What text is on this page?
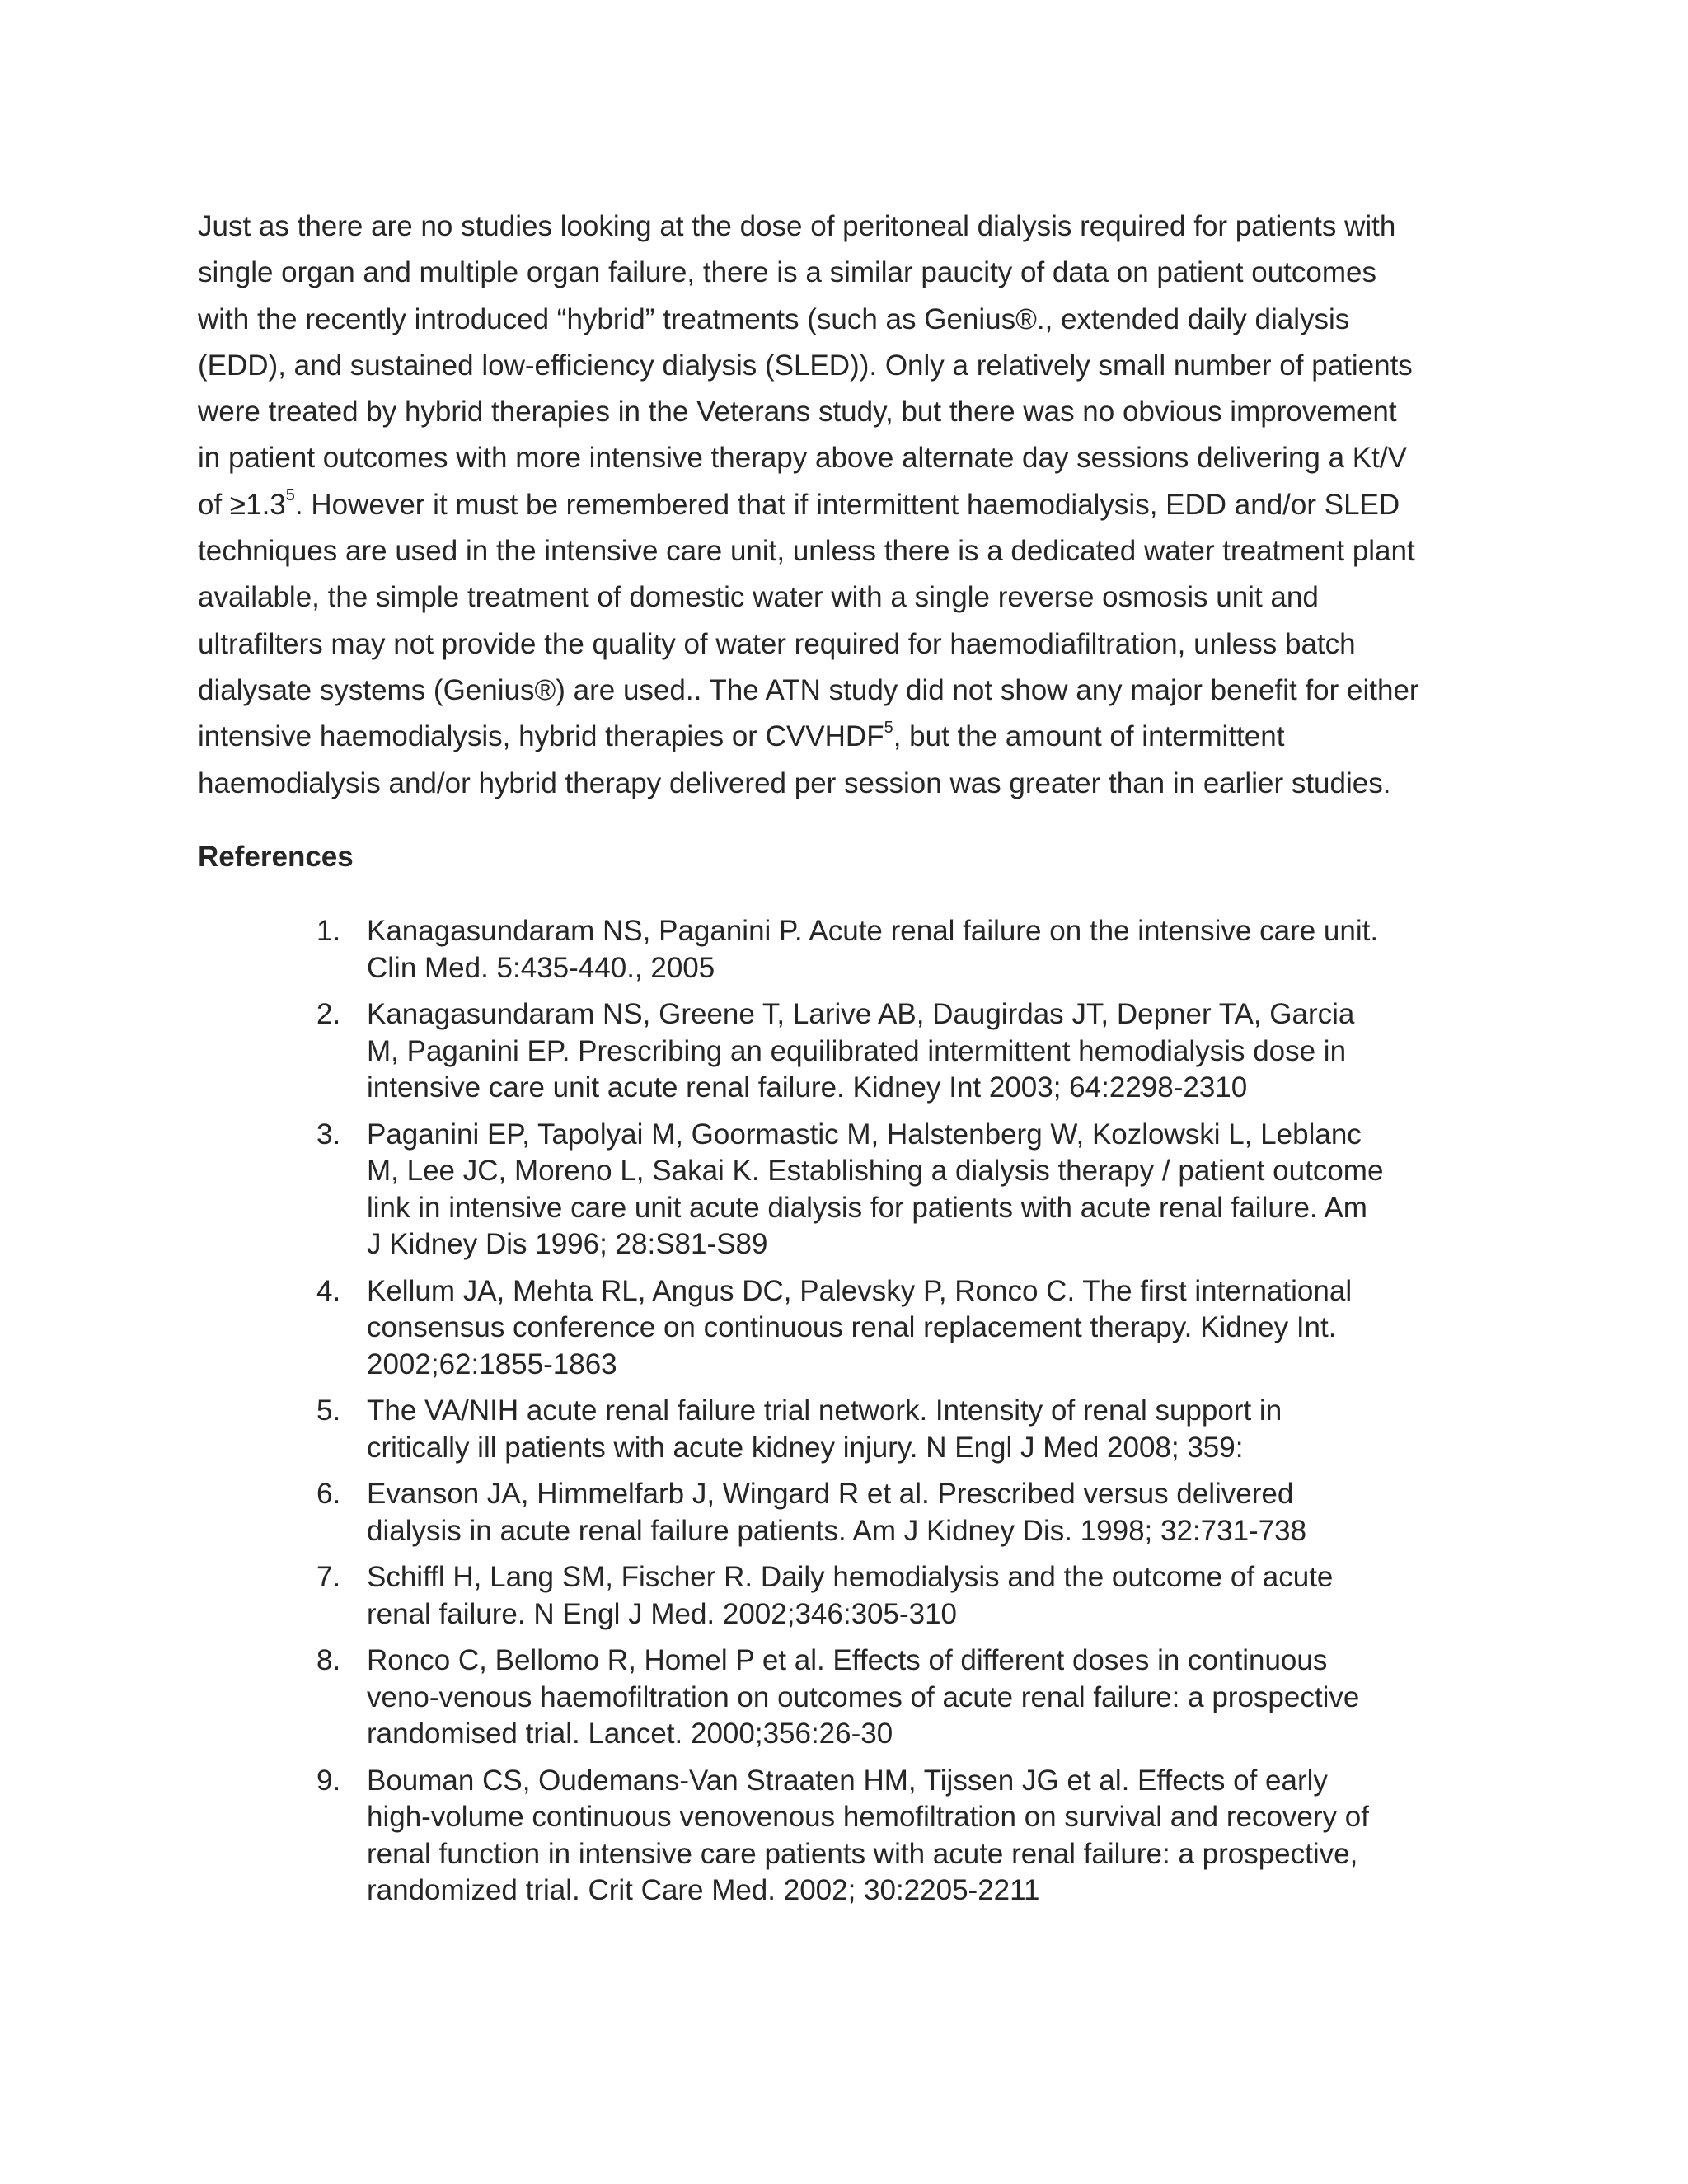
Just as there are no studies looking at the dose of peritoneal dialysis required for patients with
single organ and multiple organ failure, there is a similar paucity of data on patient outcomes
with the recently introduced “hybrid” treatments (such as Genius®., extended daily dialysis
(EDD), and sustained low-efficiency dialysis (SLED)). Only a relatively small number of patients
were treated by hybrid therapies in the Veterans study, but there was no obvious improvement
in patient outcomes with more intensive therapy above alternate day sessions delivering a Kt/V
of $\ge 1.3^5$. However it must be remembered that if intermittent haemodialysis, EDD and/or SLED
techniques are used in the intensive care unit, unless there is a dedicated water treatment plant
available, the simple treatment of domestic water with a single reverse osmosis unit and
ultrafilters may not provide the quality of water required for haemodiafiltration, unless batch
dialysate systems (Genius®) are used.. The ATN study did not show any major benefit for either
intensive haemodialysis, hybrid therapies or CVVHDF$^5$, but the amount of intermittent
haemodialysis and/or hybrid therapy delivered per session was greater than in earlier studies.

References
1. Kanagasundaram NS, Paganini P. Acute renal failure on the intensive care unit.
Clin Med. 5:435-440., 2005
2. Kanagasundaram NS, Greene T, Larive AB, Daugirdas JT, Depner TA, Garcia
M, Paganini EP. Prescribing an equilibrated intermittent hemodialysis dose in
intensive care unit acute renal failure. Kidney Int 2003; 64:2298-2310
3. Paganini EP, Tapolyai M, Goormastic M, Halstenberg W, Kozlowski L, Leblanc
M, Lee JC, Moreno L, Sakai K. Establishing a dialysis therapy / patient outcome
link in intensive care unit acute dialysis for patients with acute renal failure. Am
J Kidney Dis 1996; 28:S81-S89
4. Kellum JA, Mehta RL, Angus DC, Palevsky P, Ronco C. The first international
consensus conference on continuous renal replacement therapy. Kidney Int.
2002;62:1855-1863
5. The VA/NIH acute renal failure trial network. Intensity of renal support in
critically ill patients with acute kidney injury. N Engl J Med 2008; 359:
6. Evanson JA, Himmelfarb J, Wingard R et al. Prescribed versus delivered
dialysis in acute renal failure patients. Am J Kidney Dis. 1998; 32:731-738
7. Schiffl H, Lang SM, Fischer R. Daily hemodialysis and the outcome of acute
renal failure. N Engl J Med. 2002;346:305-310
8. Ronco C, Bellomo R, Homel P et al. Effects of different doses in continuous
veno-venous haemofiltration on outcomes of acute renal failure: a prospective
randomised trial. Lancet. 2000;356:26-30
9. Bouman CS, Oudemans-Van Straaten HM, Tijssen JG et al. Effects of early
high-volume continuous venovenous hemofiltration on survival and recovery of
renal function in intensive care patients with acute renal failure: a prospective,
randomized trial. Crit Care Med. 2002; 30:2205-2211
